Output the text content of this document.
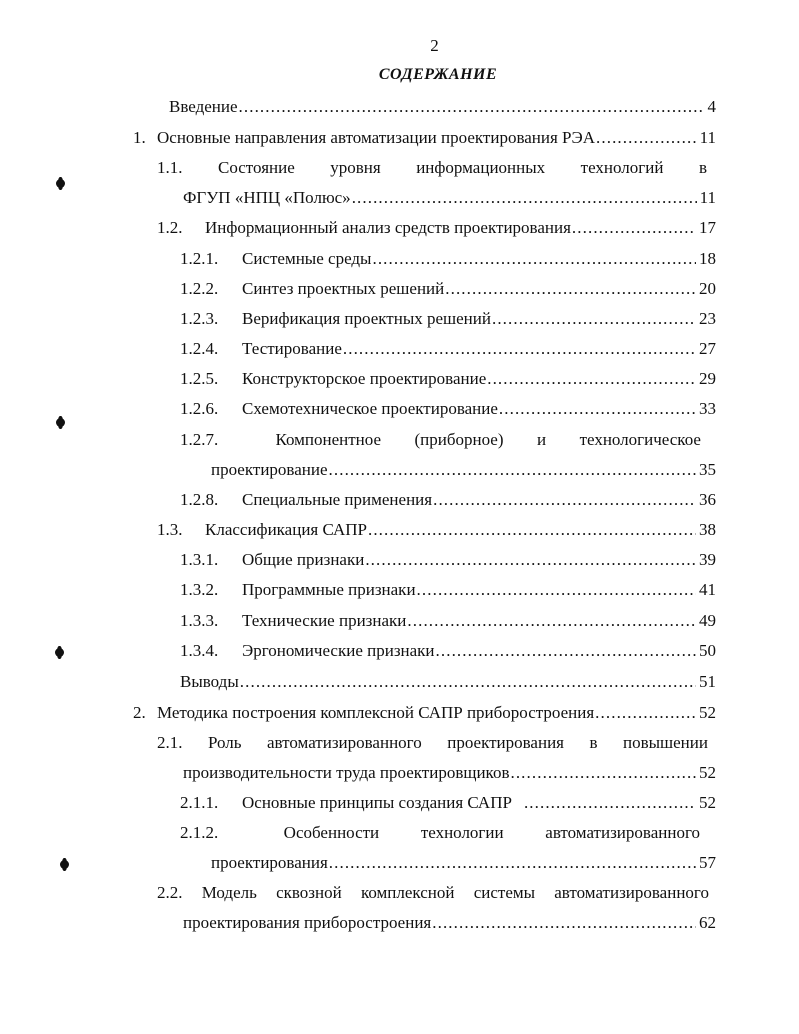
2
СОДЕРЖАНИЕ
Введение .....	4
1. Основные направления автоматизации проектирования РЭА .....	11
1.1. Состояние уровня информационных технологий в
ФГУП «НПЦ «Полюс» .....	11
1.2.	Информационный анализ средств проектирования .....	17
1.2.1.	Системные среды .....	18
1.2.2.	Синтез проектных решений .....	20
1.2.3.	Верификация проектных решений .....	23
1.2.4.	Тестирование .....	27
1.2.5.	Конструкторское проектирование .....	29
1.2.6.	Схемотехническое проектирование .....	33
1.2.7.	Компонентное (приборное) и технологическое
проектирование .....	35
1.2.8.	Специальные применения .....	36
1.3.	Классификация САПР .....	38
1.3.1.	Общие признаки .....	39
1.3.2.	Программные признаки .....	41
1.3.3.	Технические признаки .....	49
1.3.4.	Эргономические признаки .....	50
Выводы .....	51
2. Методика построения комплексной САПР приборостроения .....	52
2.1. Роль автоматизированного проектирования в повышении
производительности труда проектировщиков .....	52
2.1.1.	Основные принципы создания САПР .....	52
2.1.2.	Особенности технологии автоматизированного
проектирования .....	57
2.2. Модель сквозной комплексной системы автоматизированного
проектирования приборостроения .....	62
